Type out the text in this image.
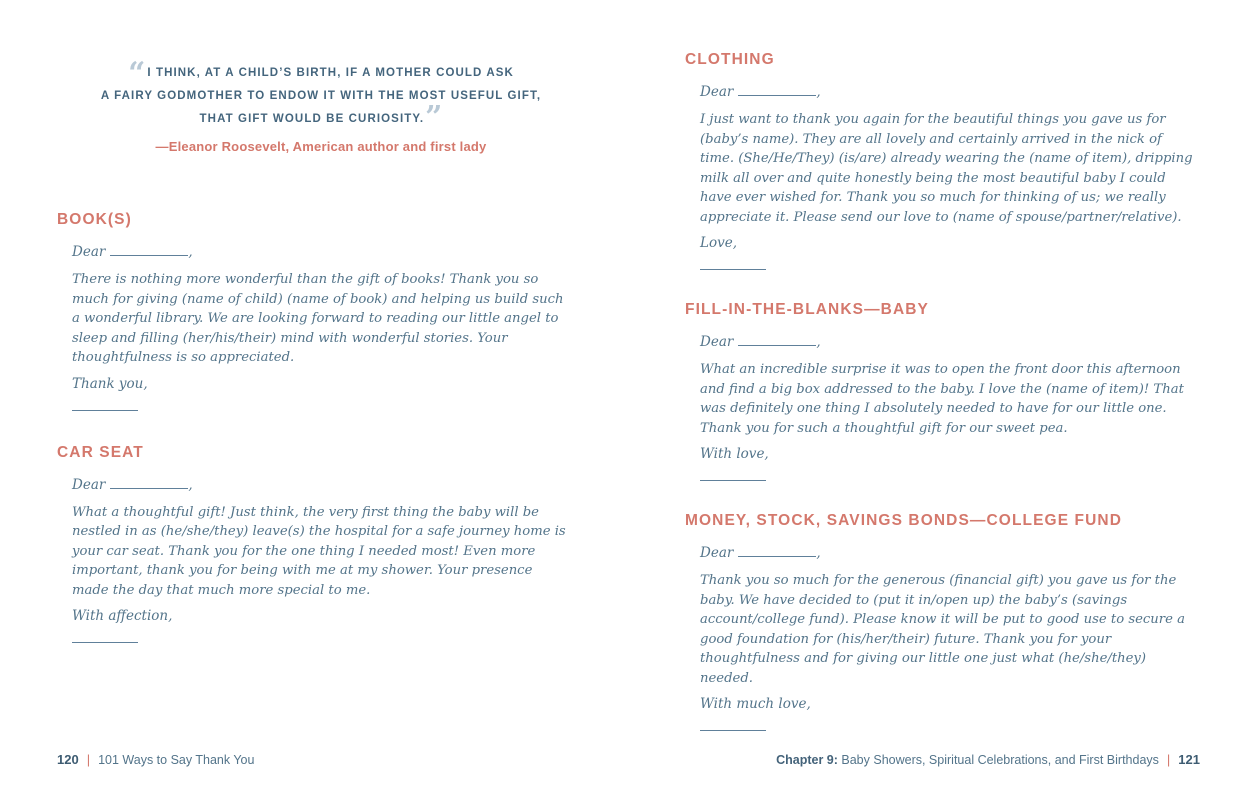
“ I THINK, AT A CHILD’S BIRTH, IF A MOTHER COULD ASK
A FAIRY GODMOTHER TO ENDOW IT WITH THE MOST USEFUL GIFT,
THAT GIFT WOULD BE CURIOSITY.”
—Eleanor Roosevelt, American author and first lady
BOOK(S)

Dear	,

There is nothing more wonderful than the gift of books! Thank you so much for giving (name of child) (name of book) and helping us build such a wonderful library. We are looking forward to reading our little angel to sleep and filling (her/his/their) mind with wonderful stories. Your thoughtfulness is so appreciated.

Thank you,

CAR SEAT

Dear	,

What a thoughtful gift! Just think, the very first thing the baby will be nestled in as (he/she/they) leave(s) the hospital for a safe journey home is your car seat. Thank you for the one thing I needed most! Even more important, thank you for being with me at my shower. Your presence made the day that much more special to me.

With affection,

CLOTHING

Dear	,

I just want to thank you again for the beautiful things you gave us for (baby’s name). They are all lovely and certainly arrived in the nick of time. (She/He/They) (is/are) already wearing the (name of item), dripping milk all over and quite honestly being the most beautiful baby I could have ever wished for. Thank you so much for thinking of us; we really appreciate it. Please send our love to (name of spouse/partner/relative).

Love,

FILL-IN-THE-BLANKS—BABY

Dear	,

What an incredible surprise it was to open the front door this afternoon and find a big box addressed to the baby. I love the (name of item)! That was definitely one thing I absolutely needed to have for our little one. Thank you for such a thoughtful gift for our sweet pea.

With love,

MONEY, STOCK, SAVINGS BONDS—COLLEGE FUND

Dear	,

Thank you so much for the generous (financial gift) you gave us for the baby. We have decided to (put it in/open up) the baby’s (savings account/college fund). Please know it will be put to good use to secure a good foundation for (his/her/their) future. Thank you for your thoughtfulness and for giving our little one just what (he/she/they) needed.

With much love,

120 | 101 Ways to Say Thank You	Chapter 9: Baby Showers, Spiritual Celebrations, and First Birthdays | 121
